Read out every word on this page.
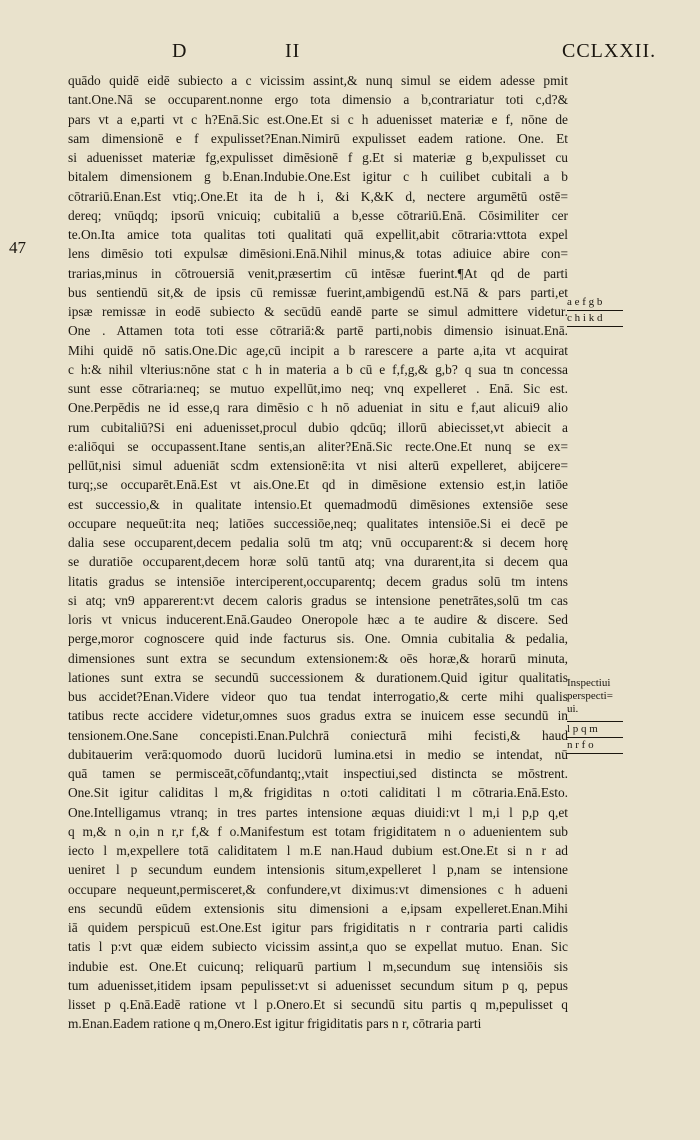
D	II	CCLXXII.
47
quādo quidē eidē subiecto a c vicissim assint,& nunq simul se eidem adesse pmit
tant.One.Nā se occuparent.nonne ergo tota dimensio a b,contrariatur toti c,d?&
pars vt a e,parti vt c h?Enā.Sic est.One.Et si c h aduenisset materiæ e f, nōne de
sam dimensionē e f expulisset?Enan.Nimirū expulisset eadem ratione. One. Et
si aduenisset materiæ fg,expulisset dimēsionē f g.Et si materiæ g b,expulisset cu
bitalem dimensionem g b.Enan.Indubie.One.Est igitur c h cuilibet cubitali a b
cōtrariū.Enan.Est vtiq;.One.Et ita de h i, &i K,&K d, nectere argumētū ostē=
dereq; vnūqdq; ipsorū vnicuiq; cubitaliū a b,esse cōtrariū.Enā. Cōsimiliter cer
te.On.Ita amice tota qualitas toti qualitati quā expellit,abit cōtraria:vttota expel
lens dimēsio toti expulsæ dimēsioni.Enā.Nihil minus,& totas adiuice abire con=
trarias,minus in cōtrouersiā venit,præsertim cū intēsæ fuerint.¶At qd de parti
bus sentiendū sit,& de ipsis cū remissæ fuerint,ambigendū est.Nā & pars parti,et
ipsæ remissæ in eodē subiecto & secūdū eandē parte se simul admittere videtur.
One . Attamen tota toti esse cōtrariā:& partē parti,nobis dimensio isinuat.Enā.
Mihi quidē nō satis.One.Dic age,cū incipit a b rarescere a parte a,ita vt acquirat
c h:& nihil vlterius:nōne stat c h in materia a b cū e f,f,g,& g,b? q sua tn concessa
sunt esse cōtraria:neq; se mutuo expellūt,imo neq; vnq expelleret . Enā. Sic est.
One.Perpēdis ne id esse,q rara dimēsio c h nō adueniat in situ e f,aut alicui9 alio
rum cubitaliū?Si eni aduenisset,procul dubio qdcūq; illorū abiecisset,vt abiecit a
e:aliōqui se occupassent.Itane sentis,an aliter?Enā.Sic recte.One.Et nunq se ex=
pellūt,nisi simul adueniāt scdm extensionē:ita vt nisi alterū expelleret, abijcere=
turq;,se occuparēt.Enā.Est vt ais.One.Et qd in dimēsione extensio est,in latiōe
est successio,& in qualitate intensio.Et quemadmodū dimēsiones extensiōe sese
occupare nequeūt:ita neq; latiōes successiōe,neq; qualitates intensiōe.Si ei decē pe
dalia sese occuparent,decem pedalia solū tm atq; vnū occuparent:& si decem horę
se duratiōe occuparent,decem horæ solū tantū atq; vna durarent,ita si decem qua
litatis gradus se intensiōe interciperent,occuparentq; decem gradus solū tm intens
si atq; vn9 apparerent:vt decem caloris gradus se intensione penetrātes,solū tm cas
loris vt vnicus inducerent.Enā.Gaudeo Oneropole hæc a te audire & discere. Sed
perge,moror cognoscere quid inde facturus sis. One. Omnia cubitalia & pedalia,
dimensiones sunt extra se secundum extensionem:& oēs horæ,& horarū minuta,
lationes sunt extra se secundū successionem & durationem.Quid igitur qualitatis
bus accidet?Enan.Videre videor quo tua tendat interrogatio,& certe mihi qualis
tatibus recte accidere videtur,omnes suos gradus extra se inuicem esse secundū in
tensionem.One.Sane concepisti.Enan.Pulchrā coniecturā mihi fecisti,& haud
dubitauerim verā:quomodo duorū lucidorū lumina.etsi in medio se intendat, nū
quā tamen se permisceāt,cōfundantq;,vtait inspectiui,sed distincta se mōstrent.
One.Sit igitur caliditas l m,& frigiditas n o:toti caliditati l m cōtraria.Enā.Esto.
One.Intelligamus vtranq; in tres partes intensione æquas diuidi:vt l m,i l p,p q,et
q m,& n o,in n r,r f,& f o.Manifestum est totam frigiditatem n o aduenientem sub
iecto l m,expellere totā caliditatem l m.E nan.Haud dubium est.One.Et si n r ad
ueniret l p secundum eundem intensionis situm,expelleret l p,nam se intensione
occupare nequeunt,permisceret,& confundere,vt diximus:vt dimensiones c h adueni
ens secundū eūdem extensionis situ dimensioni a e,ipsam expelleret.Enan.Mihi
iā quidem perspicuū est.One.Est igitur pars frigiditatis n r contraria parti calidis
tatis l p:vt quæ eidem subiecto vicissim assint,a quo se expellat mutuo. Enan. Sic
indubie est. One.Et cuicunq; reliquarū partium l m,secundum suę intensiōis sis
tum aduenisset,itidem ipsam pepulisset:vt si aduenisset secundum situm p q, pepus
lisset p q.Enā.Eadē ratione vt l p.Onero.Et si secundū situ partis q m,pepulisset q
m.Enan.Eadem ratione q m,Onero.Est igitur frigiditatis pars n r, cōtraria parti
a e f g b
c h i k d
Inspectiui
perspecti=
ui.
l p q m
n r f o
